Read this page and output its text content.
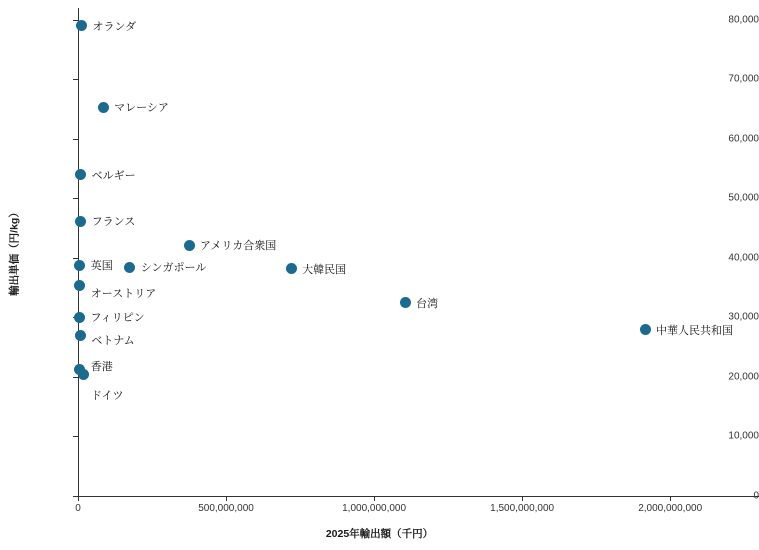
0
10,000
20,000
30,000
40,000
50,000
60,000
70,000
80,000
0	500,000,000	1,000,000,000	1,500,000,000	2,000,000,000
オランダ
マレーシア
ベルギー
フランス
アメリカ合衆国
英国	シンガポール	大韓民国
オーストリア
台湾
フィリピン
ベトナム
中華人民共和国
香港
ドイツ
2025年輸出額（千円）
輸出単価（円/kg）
